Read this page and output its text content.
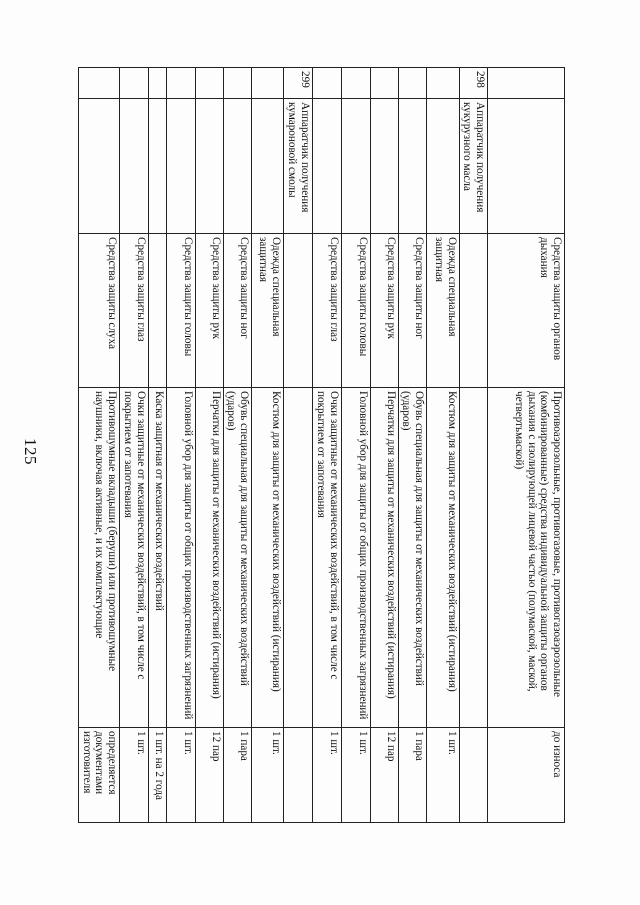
125
		Средства защиты органов дыхания	Противоаэрозольные, противогазовые, противогазоаэрозольные (комбинированные) средства индивидуальной защиты органов дыхания с изолирующей лицевой частью (полумаской, маской, четвертьмаской)	до износа
298	Аппаратчик получения кукурузного масла			
		Одежда специальная защитная	Костюм для защиты от механических воздействий (истирания)	1 шт.
		Средства защиты ног	Обувь специальная для защиты от механических воздействий (ударов)	1 пара
		Средства защиты рук	Перчатки для защиты от механических воздействий (истирания)	12 пар
		Средства защиты головы	Головной убор для защиты от общих производственных загрязнений	1 шт.
		Средства защиты глаз	Очки защитные от механических воздействий, в том числе с покрытием от запотевания	1 шт.
299	Аппаратчик получения кумароновой смолы			
		Одежда специальная защитная	Костюм для защиты от механических воздействий (истирания)	1 шт.
		Средства защиты ног	Обувь специальная для защиты от механических воздействий (ударов)	1 пара
		Средства защиты рук	Перчатки для защиты от механических воздействий (истирания)	12 пар
		Средства защиты головы	Головной убор для защиты от общих производственных загрязнений	1 шт.
			Каска защитная от механических воздействий	1 шт. на 2 года
		Средства защиты глаз	Очки защитные от механических воздействий, в том числе с покрытием от запотевания	1 шт.
		Средства защиты слуха	Противошумные вкладыши (беруши) или противошумные наушники, включая активные, и их комплектующие	определяется документами изготовителя
